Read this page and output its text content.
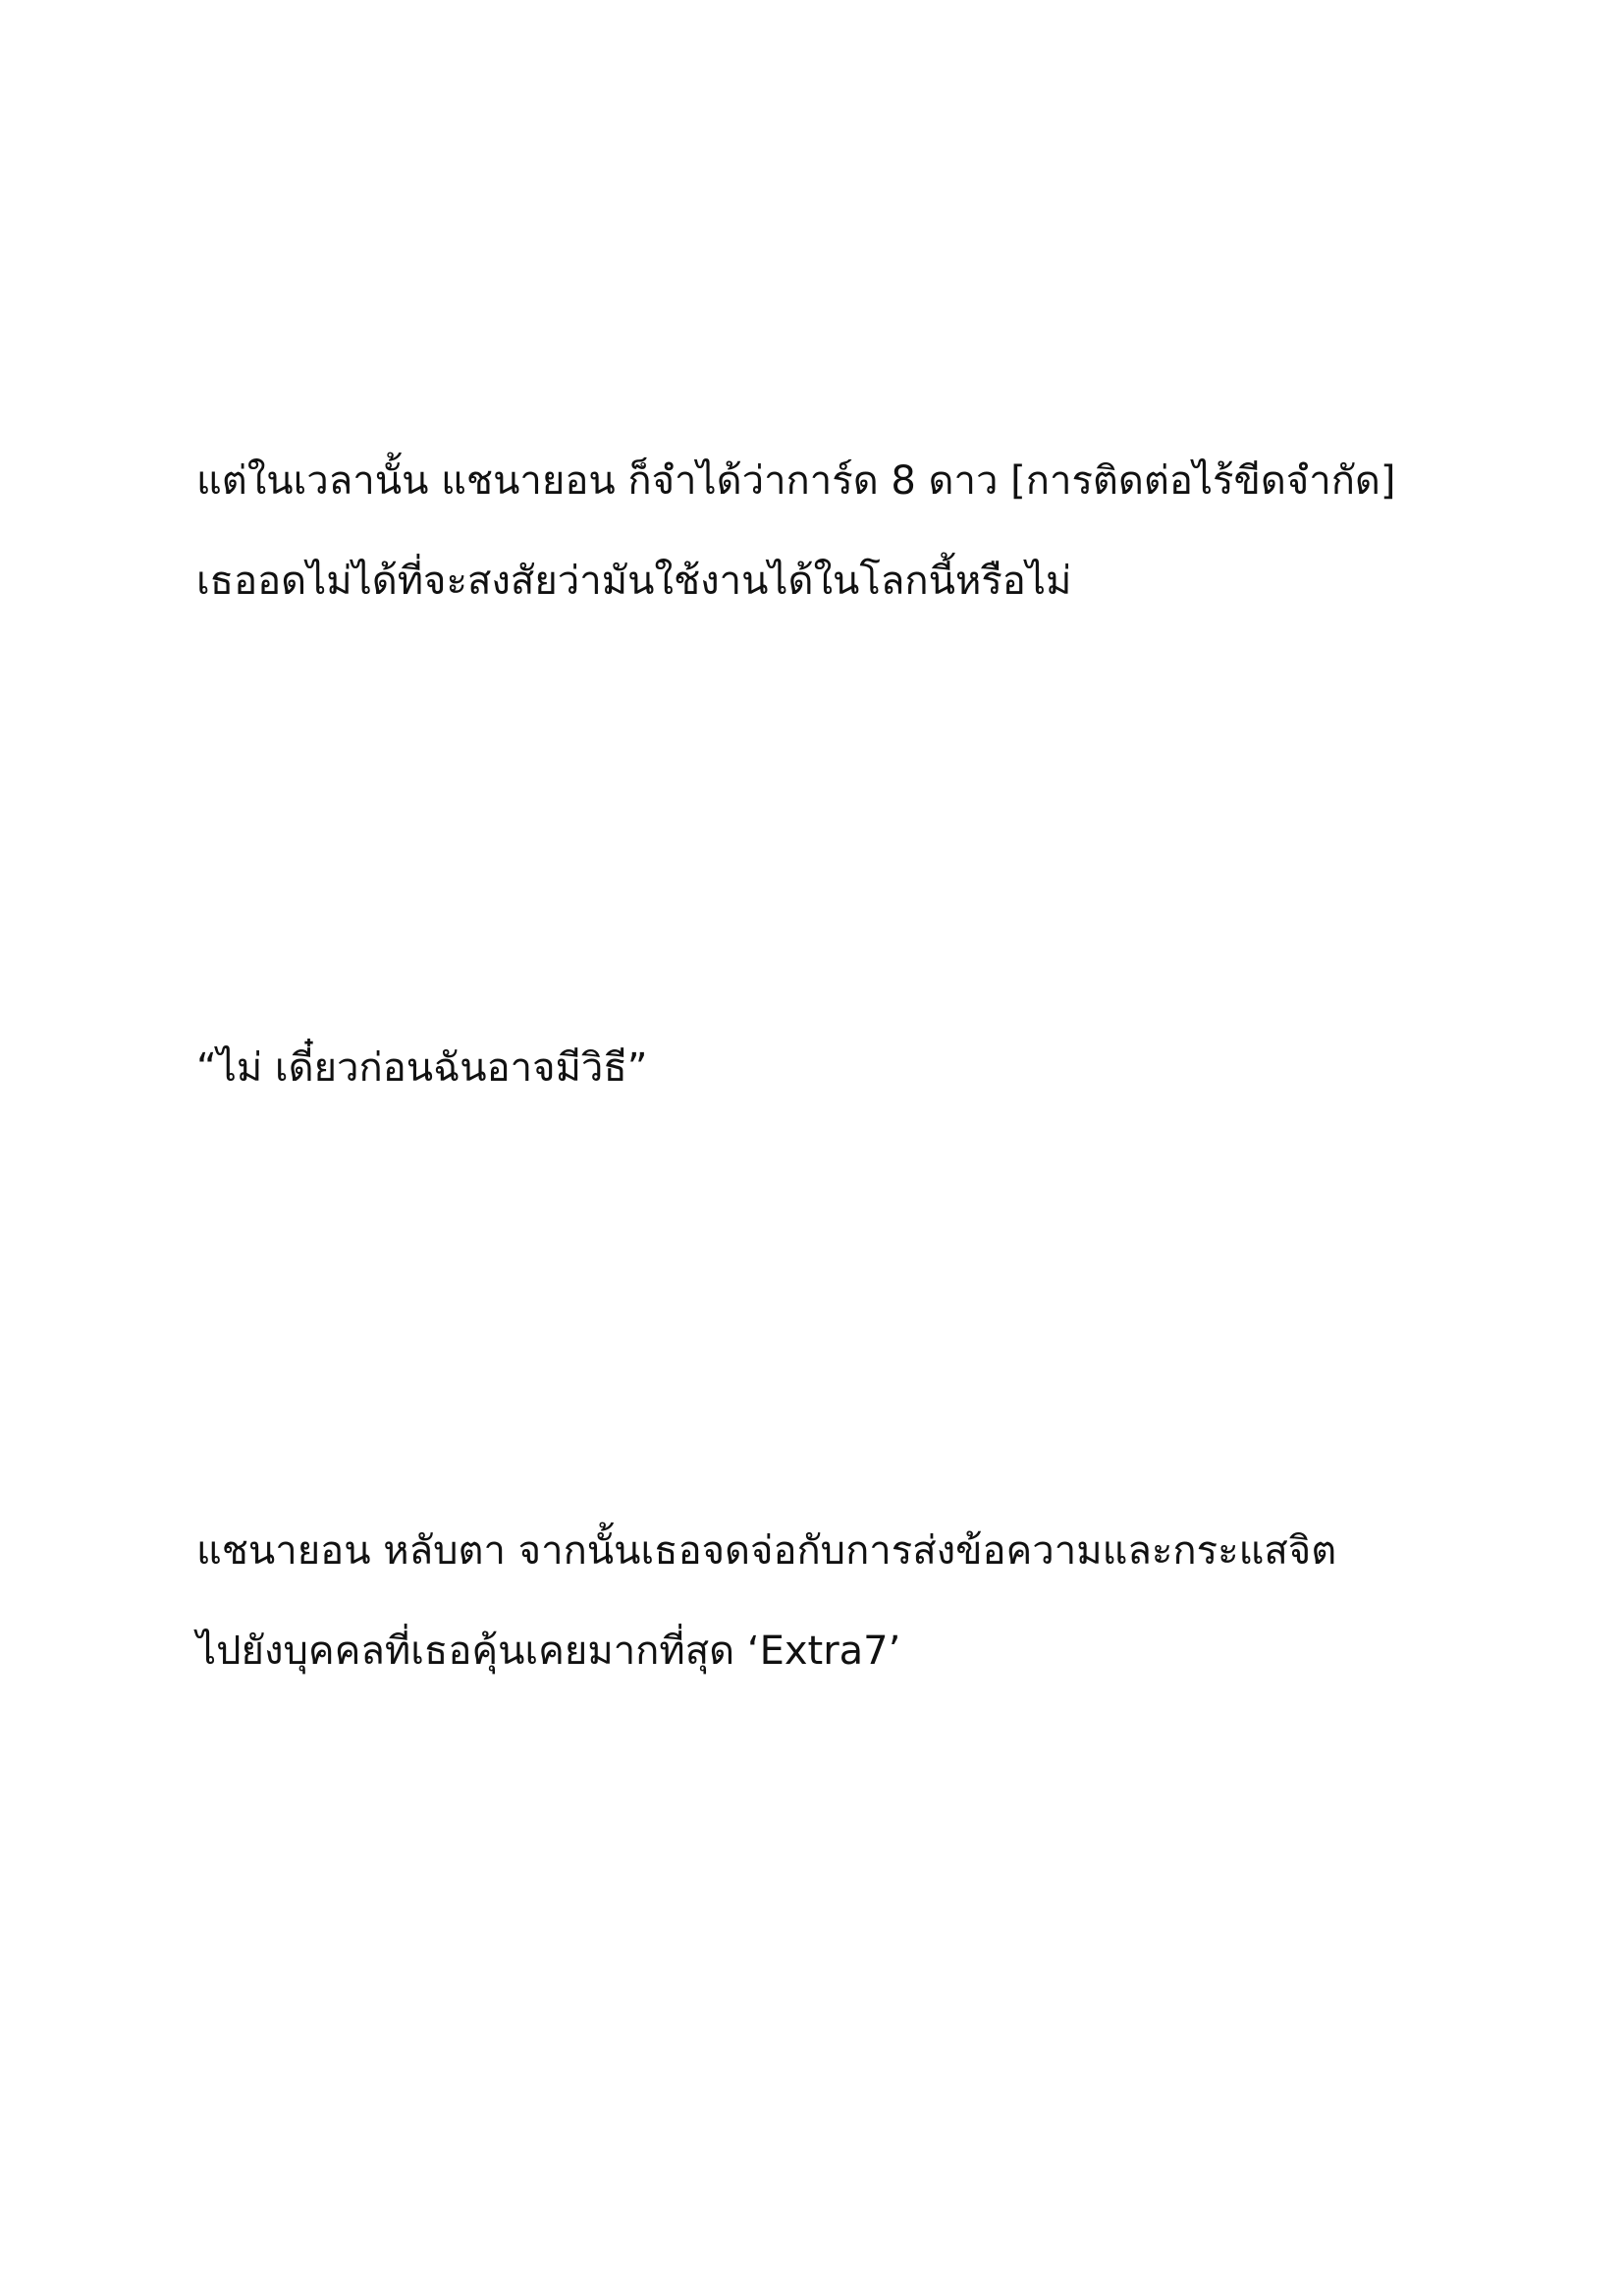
แต่ในเวลานั้น แชนายอน ก็จำได้ว่าการ์ด 8 ดาว [การติดต่อไร้ขีดจำกัด]

เธออดไม่ได้ที่จะสงสัยว่ามันใช้งานได้ในโลกนี้หรือไม่

“ไม่ เดี๋ยวก่อนฉันอาจมีวิธี”

แชนายอน หลับตา จากนั้นเธอจดจ่อกับการส่งข้อความและกระแสจิต

ไปยังบุคคลที่เธอคุ้นเคยมากที่สุด ‘Extra7’
